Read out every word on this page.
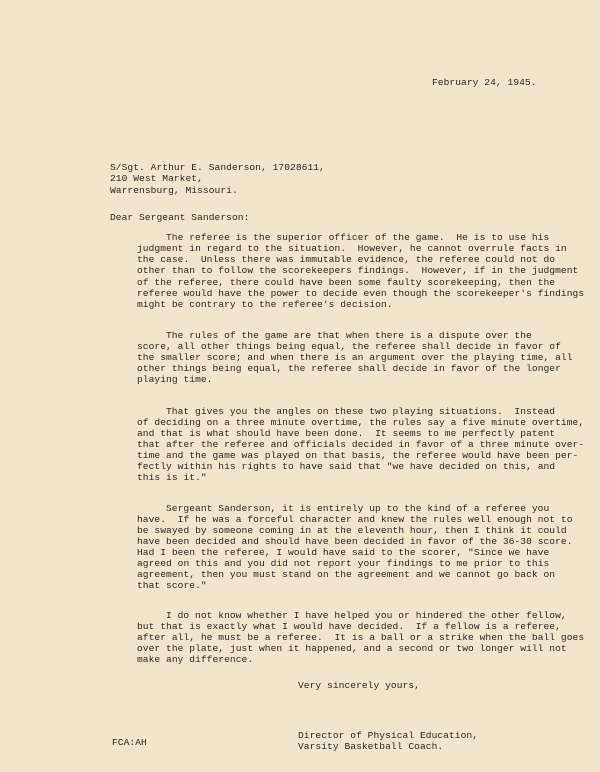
February 24, 1945.

S/Sgt. Arthur E. Sanderson, 17028611,

210 West Market,

Warrensburg, Missouri.

Dear Sergeant Sanderson:

The referee is the superior officer of the game.  He is to use his

judgment in regard to the situation.  However, he cannot overrule facts in

the case.  Unless there was immutable evidence, the referee could not do

other than to follow the scorekeepers findings.  However, if in the judgment

of the referee, there could have been some faulty scorekeeping, then the

referee would have the power to decide even though the scorekeeper's findings

might be contrary to the referee's decision.

The rules of the game are that when there is a dispute over the

score, all other things being equal, the referee shall decide in favor of

the smaller score; and when there is an argument over the playing time, all

other things being equal, the referee shall decide in favor of the longer

playing time.

That gives you the angles on these two playing situations.  Instead

of deciding on a three minute overtime, the rules say a five minute overtime,

and that is what should have been done.  It seems to me perfectly patent

that after the referee and officials decided in favor of a three minute over-

time and the game was played on that basis, the referee would have been per-

fectly within his rights to have said that "we have decided on this, and

this is it."

Sergeant Sanderson, it is entirely up to the kind of a referee you

have.  If he was a forceful character and knew the rules well enough not to

be swayed by someone coming in at the eleventh hour, then I think it could

have been decided and should have been decided in favor of the 36-30 score.

Had I been the referee, I would have said to the scorer, "Since we have

agreed on this and you did not report your findings to me prior to this

agreement, then you must stand on the agreement and we cannot go back on

that score."

I do not know whether I have helped you or hindered the other fellow,

but that is exactly what I would have decided.  If a fellow is a referee,

after all, he must be a referee.  It is a ball or a strike when the ball goes

over the plate, just when it happened, and a second or two longer will not

make any difference.

Very sincerely yours,

Director of Physical Education,

Varsity Basketball Coach.

FCA:AH
